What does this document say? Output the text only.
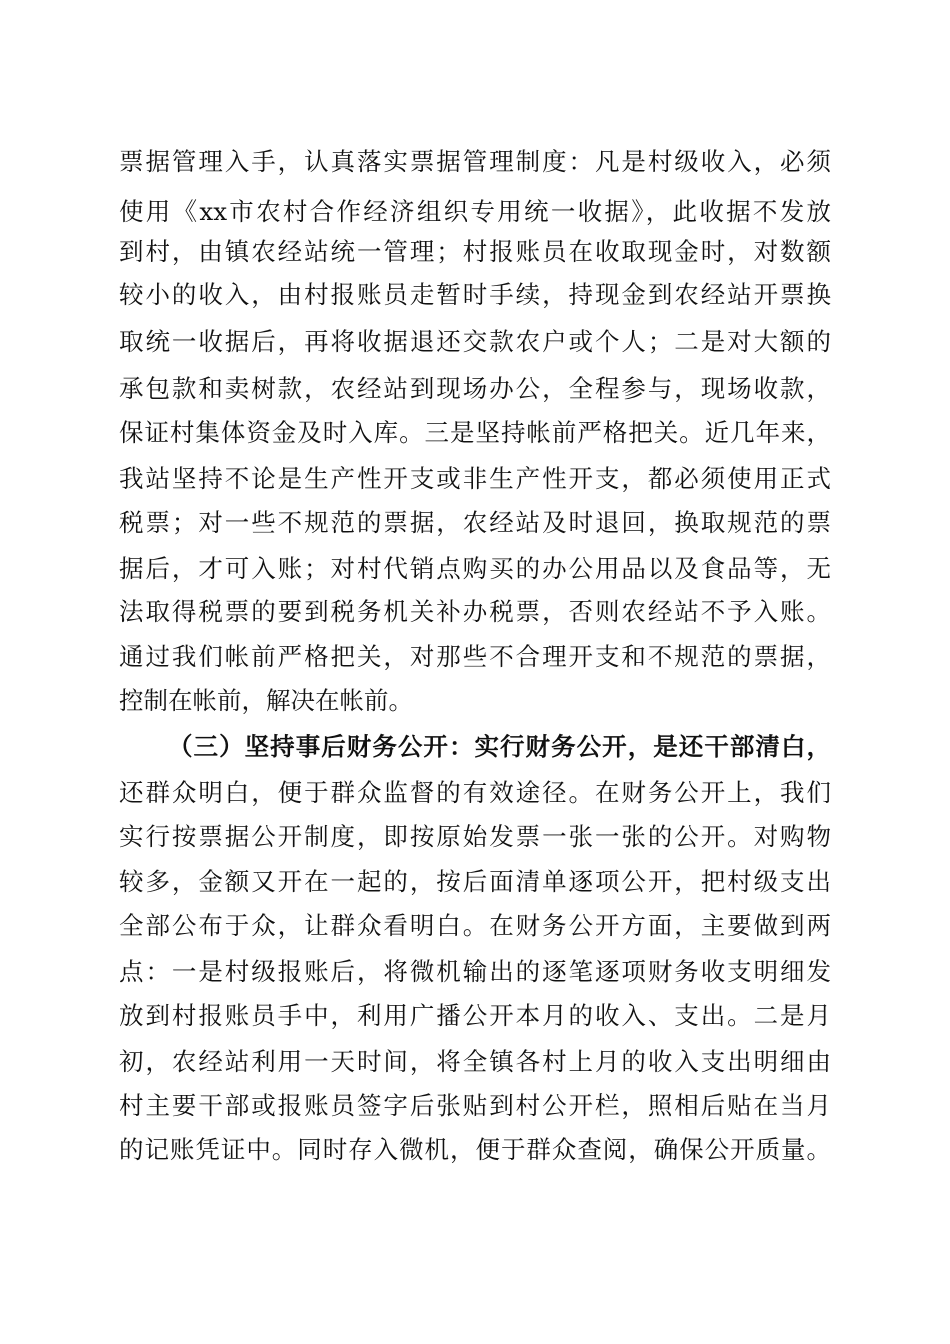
票据管理入手，认真落实票据管理制度：凡是村级收入，必须
使用《xx市农村合作经济组织专用统一收据》，此收据不发放
到村，由镇农经站统一管理；村报账员在收取现金时，对数额
较小的收入，由村报账员走暂时手续，持现金到农经站开票换
取统一收据后，再将收据退还交款农户或个人；二是对大额的
承包款和卖树款，农经站到现场办公，全程参与，现场收款，
保证村集体资金及时入库。三是坚持帐前严格把关。近几年来，
我站坚持不论是生产性开支或非生产性开支，都必须使用正式
税票；对一些不规范的票据，农经站及时退回，换取规范的票
据后，才可入账；对村代销点购买的办公用品以及食品等，无
法取得税票的要到税务机关补办税票，否则农经站不予入账。
通过我们帐前严格把关，对那些不合理开支和不规范的票据，
控制在帐前，解决在帐前。
（三）坚持事后财务公开：实行财务公开，是还干部清白，
还群众明白，便于群众监督的有效途径。在财务公开上，我们
实行按票据公开制度，即按原始发票一张一张的公开。对购物
较多，金额又开在一起的，按后面清单逐项公开，把村级支出
全部公布于众，让群众看明白。在财务公开方面，主要做到两
点：一是村级报账后，将微机输出的逐笔逐项财务收支明细发
放到村报账员手中，利用广播公开本月的收入、支出。二是月
初，农经站利用一天时间，将全镇各村上月的收入支出明细由
村主要干部或报账员签字后张贴到村公开栏，照相后贴在当月
的记账凭证中。同时存入微机，便于群众查阅，确保公开质量。
